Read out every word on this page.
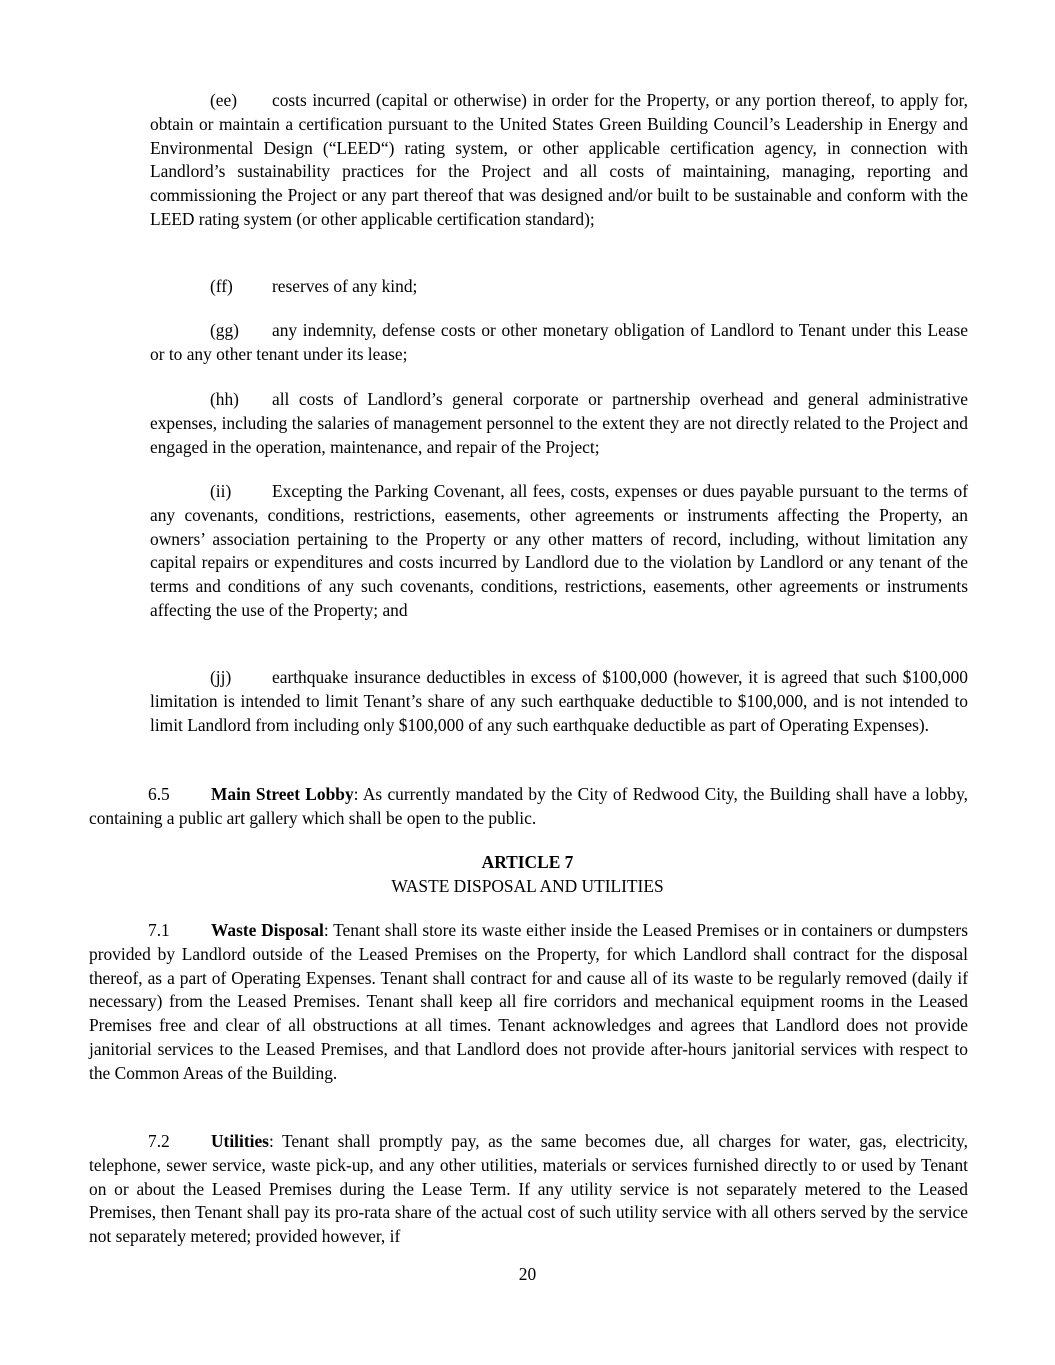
(ee) costs incurred (capital or otherwise) in order for the Property, or any portion thereof, to apply for, obtain or maintain a certification pursuant to the United States Green Building Council’s Leadership in Energy and Environmental Design (“LEED“) rating system, or other applicable certification agency, in connection with Landlord’s sustainability practices for the Project and all costs of maintaining, managing, reporting and commissioning the Project or any part thereof that was designed and/or built to be sustainable and conform with the LEED rating system (or other applicable certification standard);

(ff) reserves of any kind;

(gg) any indemnity, defense costs or other monetary obligation of Landlord to Tenant under this Lease or to any other tenant under its lease;

(hh) all costs of Landlord’s general corporate or partnership overhead and general administrative expenses, including the salaries of management personnel to the extent they are not directly related to the Project and engaged in the operation, maintenance, and repair of the Project;

(ii) Excepting the Parking Covenant, all fees, costs, expenses or dues payable pursuant to the terms of any covenants, conditions, restrictions, easements, other agreements or instruments affecting the Property, an owners’ association pertaining to the Property or any other matters of record, including, without limitation any capital repairs or expenditures and costs incurred by Landlord due to the violation by Landlord or any tenant of the terms and conditions of any such covenants, conditions, restrictions, easements, other agreements or instruments affecting the use of the Property; and

(jj) earthquake insurance deductibles in excess of $100,000 (however, it is agreed that such $100,000 limitation is intended to limit Tenant’s share of any such earthquake deductible to $100,000, and is not intended to limit Landlord from including only $100,000 of any such earthquake deductible as part of Operating Expenses).

6.5 Main Street Lobby: As currently mandated by the City of Redwood City, the Building shall have a lobby, containing a public art gallery which shall be open to the public.

ARTICLE 7

WASTE DISPOSAL AND UTILITIES

7.1 Waste Disposal: Tenant shall store its waste either inside the Leased Premises or in containers or dumpsters provided by Landlord outside of the Leased Premises on the Property, for which Landlord shall contract for the disposal thereof, as a part of Operating Expenses. Tenant shall contract for and cause all of its waste to be regularly removed (daily if necessary) from the Leased Premises. Tenant shall keep all fire corridors and mechanical equipment rooms in the Leased Premises free and clear of all obstructions at all times. Tenant acknowledges and agrees that Landlord does not provide janitorial services to the Leased Premises, and that Landlord does not provide after-hours janitorial services with respect to the Common Areas of the Building.

7.2 Utilities: Tenant shall promptly pay, as the same becomes due, all charges for water, gas, electricity, telephone, sewer service, waste pick-up, and any other utilities, materials or services furnished directly to or used by Tenant on or about the Leased Premises during the Lease Term. If any utility service is not separately metered to the Leased Premises, then Tenant shall pay its pro-rata share of the actual cost of such utility service with all others served by the service not separately metered; provided however, if

20
